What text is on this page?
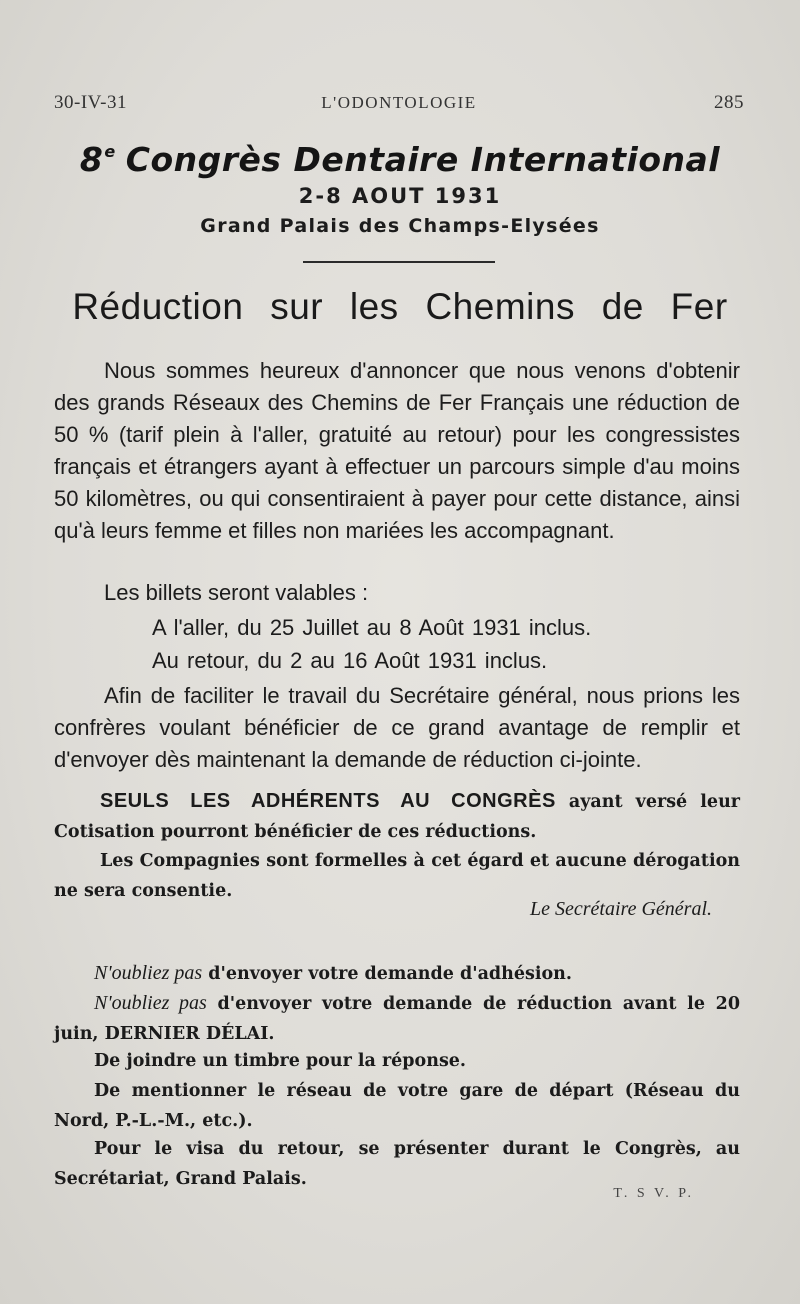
30-IV-31	L'ODONTOLOGIE	285
8e Congrès Dentaire International
2-8 AOUT 1931
Grand Palais des Champs-Elysées
Réduction sur les Chemins de Fer
Nous sommes heureux d'annoncer que nous venons d'obtenir des grands Réseaux des Chemins de Fer Français une réduction de 50 % (tarif plein à l'aller, gratuité au retour) pour les congressistes français et étrangers ayant à effectuer un parcours simple d'au moins 50 kilomètres, ou qui consentiraient à payer pour cette distance, ainsi qu'à leurs femme et filles non mariées les accompagnant.
Les billets seront valables :
A l'aller, du 25 Juillet au 8 Août 1931 inclus.
Au retour, du 2 au 16 Août 1931 inclus.
Afin de faciliter le travail du Secrétaire général, nous prions les confrères voulant bénéficier de ce grand avantage de remplir et d'envoyer dès maintenant la demande de réduction ci-jointe.
SEULS LES ADHÉRENTS AU CONGRÈS ayant versé leur Cotisation pourront bénéficier de ces réductions.
Les Compagnies sont formelles à cet égard et aucune dérogation ne sera consentie.
Le Secrétaire Général.
N'oubliez pas d'envoyer votre demande d'adhésion.
N'oubliez pas d'envoyer votre demande de réduction avant le 20 juin, DERNIER DÉLAI.
De joindre un timbre pour la réponse.
De mentionner le réseau de votre gare de départ (Réseau du Nord, P.-L.-M., etc.).
Pour le visa du retour, se présenter durant le Congrès, au Secrétariat, Grand Palais.
T. S V. P.
